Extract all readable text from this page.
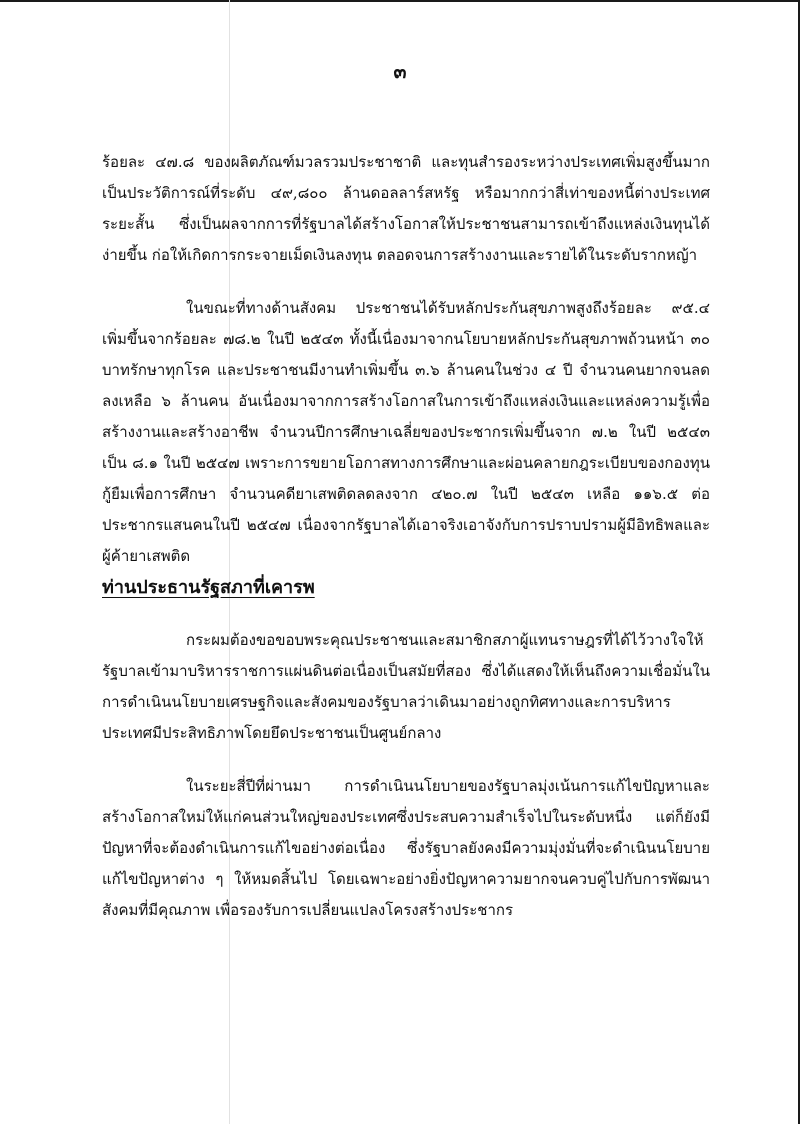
๓

ร้อยละ ๔๗.๘ ของผลิตภัณฑ์มวลรวมประชาชาติ และทุนสำรองระหว่างประเทศเพิ่มสูงขึ้นมาก เป็นประวัติการณ์ที่ระดับ ๔๙,๘๐๐ ล้านดอลลาร์สหรัฐ หรือมากกว่าสี่เท่าของหนี้ต่างประเทศระยะสั้น ซึ่งเป็นผลจากการที่รัฐบาลได้สร้างโอกาสให้ประชาชนสามารถเข้าถึงแหล่งเงินทุนได้ง่ายขึ้น ก่อให้เกิดการกระจายเม็ดเงินลงทุน ตลอดจนการสร้างงานและรายได้ในระดับรากหญ้า

ในขณะที่ทางด้านสังคม ประชาชนได้รับหลักประกันสุขภาพสูงถึงร้อยละ ๙๕.๔ เพิ่มขึ้นจากร้อยละ ๗๘.๒ ในปี ๒๕๔๓ ทั้งนี้เนื่องมาจากนโยบายหลักประกันสุขภาพถ้วนหน้า ๓๐ บาทรักษาทุกโรค และประชาชนมีงานทำเพิ่มขึ้น ๓.๖ ล้านคนในช่วง ๔ ปี จำนวนคนยากจนลดลงเหลือ ๖ ล้านคน อันเนื่องมาจากการสร้างโอกาสในการเข้าถึงแหล่งเงินและแหล่งความรู้เพื่อสร้างงานและสร้างอาชีพ จำนวนปีการศึกษาเฉลี่ยของประชากรเพิ่มขึ้นจาก ๗.๒ ในปี ๒๕๔๓ เป็น ๘.๑ ในปี ๒๕๔๗ เพราะการขยายโอกาสทางการศึกษาและผ่อนคลายกฎระเบียบของกองทุนกู้ยืมเพื่อการศึกษา จำนวนคดียาเสพติดลดลงจาก ๔๒๐.๗ ในปี ๒๕๔๓ เหลือ ๑๑๖.๕ ต่อประชากรแสนคนในปี ๒๕๔๗ เนื่องจากรัฐบาลได้เอาจริงเอาจังกับการปราบปรามผู้มีอิทธิพลและผู้ค้ายาเสพติด

ท่านประธานรัฐสภาที่เคารพ

กระผมต้องขอขอบพระคุณประชาชนและสมาชิกสภาผู้แทนราษฎรที่ได้ไว้วางใจให้รัฐบาลเข้ามาบริหารราชการแผ่นดินต่อเนื่องเป็นสมัยที่สอง ซึ่งได้แสดงให้เห็นถึงความเชื่อมั่นในการดำเนินนโยบายเศรษฐกิจและสังคมของรัฐบาลว่าเดินมาอย่างถูกทิศทางและการบริหารประเทศมีประสิทธิภาพโดยยึดประชาชนเป็นศูนย์กลาง

ในระยะสี่ปีที่ผ่านมา การดำเนินนโยบายของรัฐบาลมุ่งเน้นการแก้ไขปัญหาและสร้างโอกาสใหม่ให้แก่คนส่วนใหญ่ของประเทศซึ่งประสบความสำเร็จไปในระดับหนึ่ง แต่ก็ยังมีปัญหาที่จะต้องดำเนินการแก้ไขอย่างต่อเนื่อง ซึ่งรัฐบาลยังคงมีความมุ่งมั่นที่จะดำเนินนโยบายแก้ไขปัญหาต่าง ๆ ให้หมดสิ้นไป โดยเฉพาะอย่างยิ่งปัญหาความยากจนควบคู่ไปกับการพัฒนาสังคมที่มีคุณภาพ เพื่อรองรับการเปลี่ยนแปลงโครงสร้างประชากร
